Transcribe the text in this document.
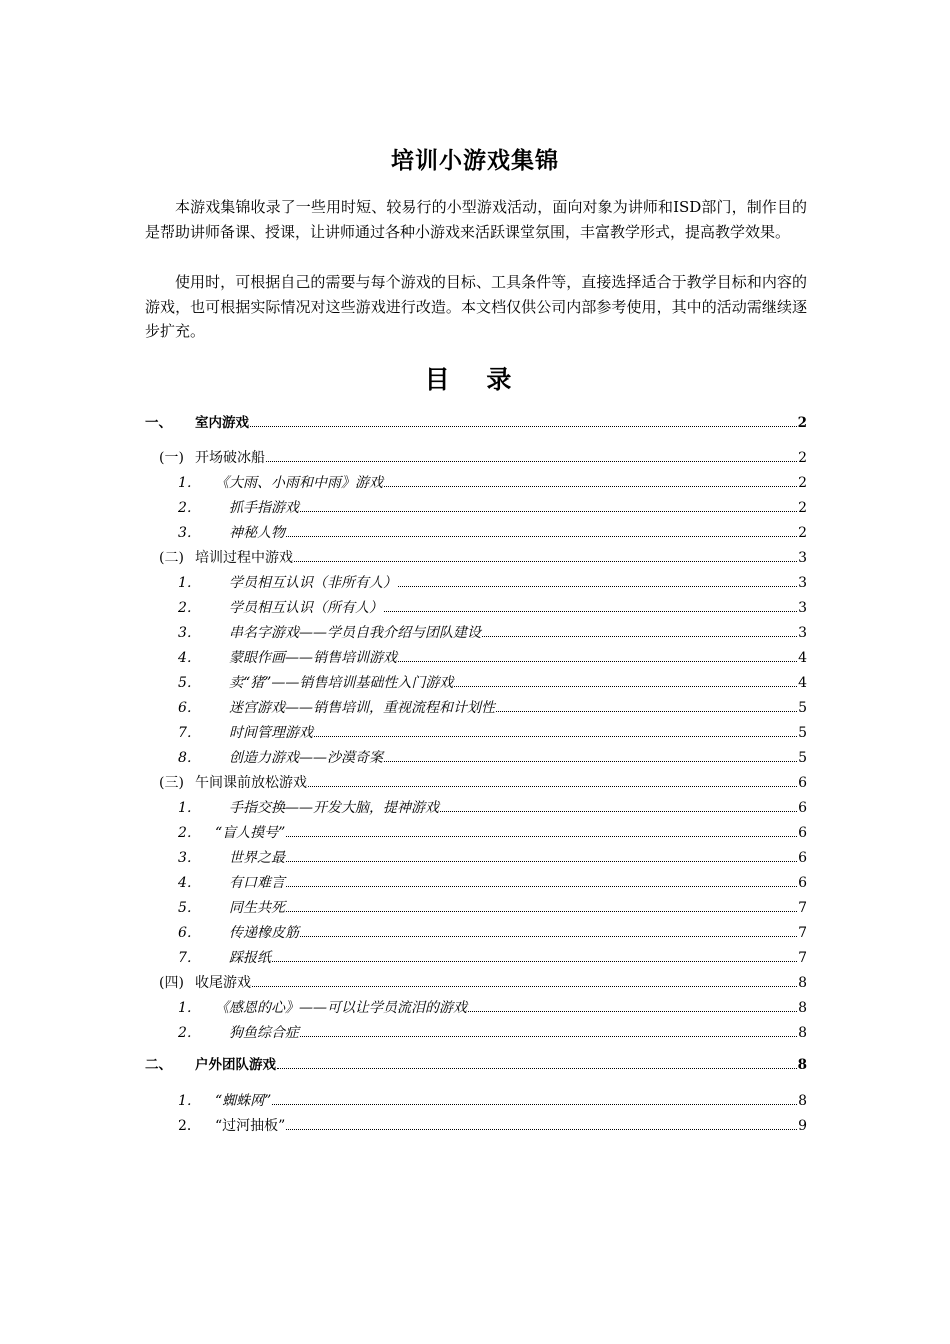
培训小游戏集锦

本游戏集锦收录了一些用时短、较易行的小型游戏活动，面向对象为讲师和ISD部门，制作目的是帮助讲师备课、授课，让讲师通过各种小游戏来活跃课堂氛围，丰富教学形式，提高教学效果。

使用时，可根据自己的需要与每个游戏的目标、工具条件等，直接选择适合于教学目标和内容的游戏，也可根据实际情况对这些游戏进行改造。本文档仅供公司内部参考使用，其中的活动需继续逐步扩充。

目 录
一、	室内游戏	2
(一) 开场破冰船	2
1．	《大雨、小雨和中雨》游戏	2
2．	抓手指游戏	2
3．	神秘人物	2
(二) 培训过程中游戏	3
1．	学员相互认识（非所有人）	3
2．	学员相互认识（所有人）	3
3．	串名字游戏——学员自我介绍与团队建设	3
4．	蒙眼作画——销售培训游戏	4
5．	卖“猪”——销售培训基础性入门游戏	4
6．	迷宫游戏——销售培训，重视流程和计划性	5
7．	时间管理游戏	5
8．	创造力游戏——沙漠奇案	5
(三) 午间课前放松游戏	6
1．	手指交换——开发大脑，提神游戏	6
2．	“盲人摸号”	6
3．	世界之最	6
4．	有口难言	6
5．	同生共死	7
6．	传递橡皮筋	7
7．	踩报纸	7
(四) 收尾游戏	8
1．	《感恩的心》——可以让学员流泪的游戏	8
2．	狗鱼综合症	8
二、	户外团队游戏	8
1．	“蜘蛛网”	8
2．	“过河抽板”	9
